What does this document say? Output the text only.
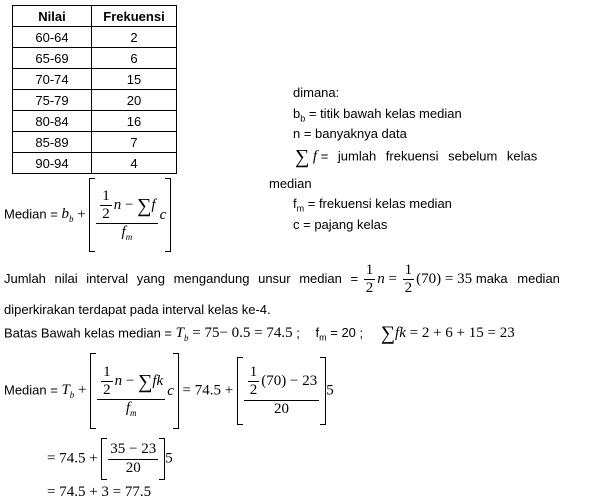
Nilai	Frekuensi
60-64	2
65-69	6
70-74	15
75-79	20
80-84	16
85-89	7
90-94	4
Median = $b_b + \frac{\frac{1}{2} n - \sum f}{f_m}$ c
dimana:
$b_b$ = titik bawah kelas median
n = banyaknya data
∑ f = jumlah frekuensi sebelum kelas
median
$f_m$ = frekuensi kelas median
c = pajang kelas
Jumlah nilai interval yang mengandung unsur median = $\frac{1}{2}$ $n = \frac{1}{2} (70) = 35$ maka median
diperkirakan terdapat pada interval kelas ke-4.
Batas Bawah kelas median = $T_b = 75- 0.5 = 74.5$ ; $f_m = 20$ ; ∑fk = 2 + 6 + 15 = 23
Median = $T_b + \frac{\frac{1}{2} n - \sum fk}{f_m}$ $c = 74.5 + \frac{\frac{1}{2} (70) - 23}{20} 5$
= $74.5 + \frac{35 - 23}{20} 5$
= 74.5 + 3 = 77.5
